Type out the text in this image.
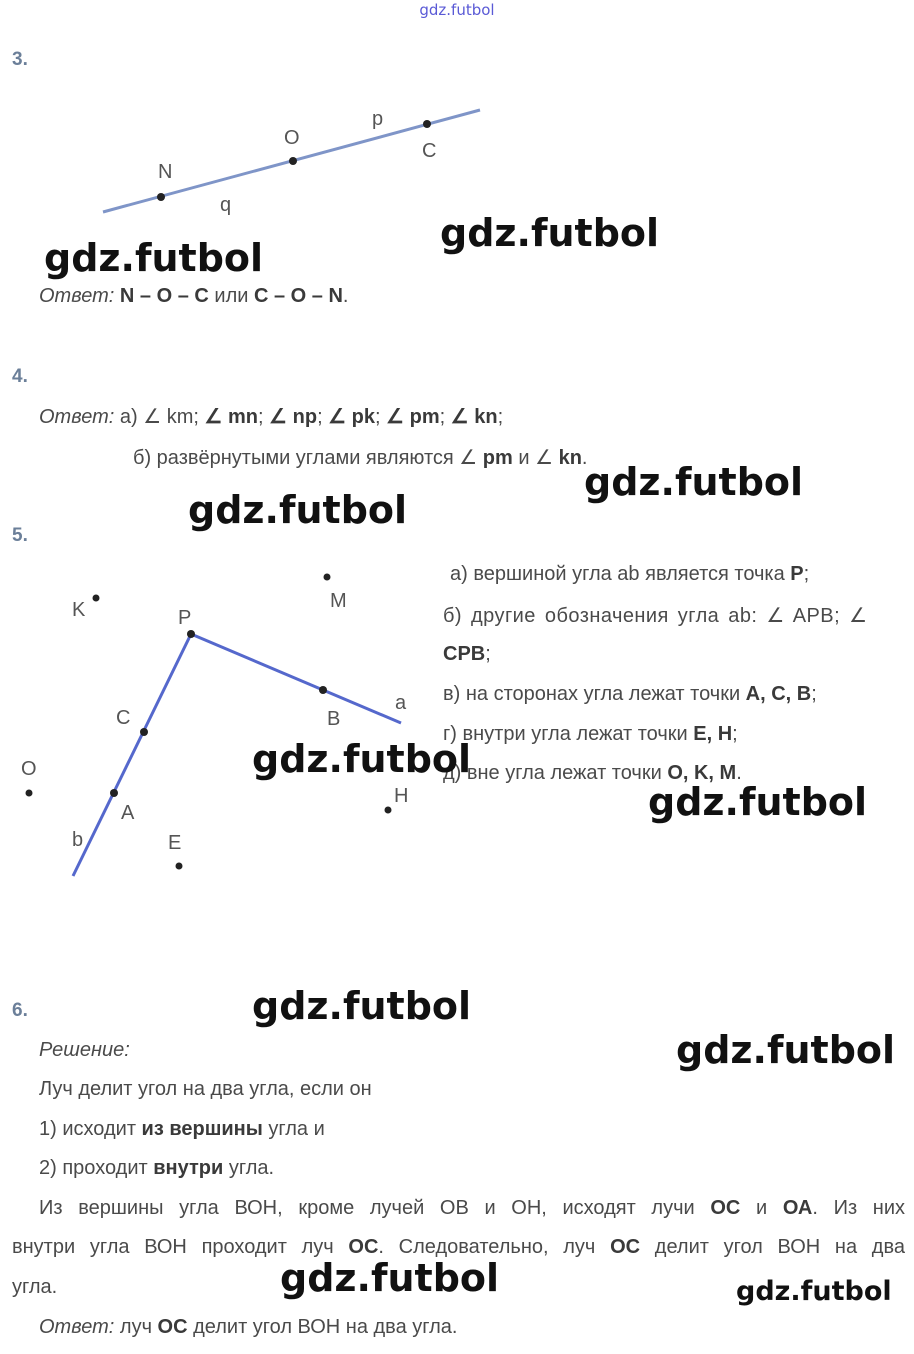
gdz.futbol
3.
N
O
C
p
q
gdz.futbol
gdz.futbol
Ответ: N – O – C или C – O – N.
4.
Ответ: а) ∠ km; ∠ mn; ∠ np; ∠ pk; ∠ pm; ∠ kn;
б) развёрнутыми углами являются ∠ pm и ∠ kn.
gdz.futbol
gdz.futbol
5.
K	P
M
C	B
a
O
A
H
b	E
а) вершиной угла ab является точка P;
б) другие обозначения угла ab: ∠ APB; ∠
CPB;
в) на сторонах угла лежат точки A, C, B;
г) внутри угла лежат точки E, H;
д) вне угла лежат точки O, K, M.
gdz.futbol
gdz.futbol
6.	gdz.futbol
gdz.futbol
Решение:
Луч делит угол на два угла, если он
1) исходит из вершины угла и
2) проходит внутри угла.
Из вершины угла ВОН, кроме лучей ОВ и ОН, исходят лучи ОС и ОА. Из них
внутри угла ВОН проходит луч ОС. Следовательно, луч ОС делит угол ВОН на два
угла.	gdz.futbol	gdz.futbol
Ответ: луч ОС делит угол ВОН на два угла.
